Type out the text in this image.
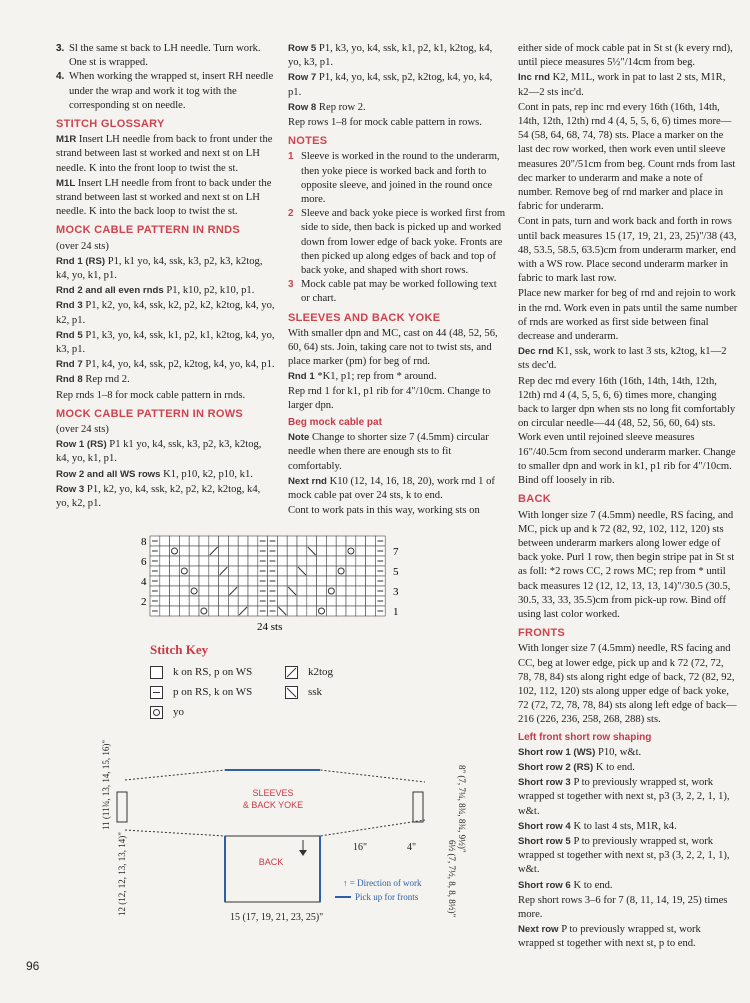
3. Sl the same st back to LH needle. Turn work. One st is wrapped.
4. When working the wrapped st, insert RH needle under the wrap and work it tog with the corresponding st on needle.
STITCH GLOSSARY

M1R Insert LH needle from back to front under the strand between last st worked and next st on LH needle. K into the front loop to twist the st.

M1L Insert LH needle from front to back under the strand between last st worked and next st on LH needle. K into the back loop to twist the st.

MOCK CABLE PATTERN IN RNDS

(over 24 sts)

Rnd 1 (RS) P1, k1 yo, k4, ssk, k3, p2, k3, k2tog, k4, yo, k1, p1.

Rnd 2 and all even rnds P1, k10, p2, k10, p1.

Rnd 3 P1, k2, yo, k4, ssk, k2, p2, k2, k2tog, k4, yo, k2, p1.

Rnd 5 P1, k3, yo, k4, ssk, k1, p2, k1, k2tog, k4, yo, k3, p1.

Rnd 7 P1, k4, yo, k4, ssk, p2, k2tog, k4, yo, k4, p1.

Rnd 8 Rep rnd 2.

Rep rnds 1–8 for mock cable pattern in rnds.

MOCK CABLE PATTERN IN ROWS

(over 24 sts)

Row 1 (RS) P1 k1 yo, k4, ssk, k3, p2, k3, k2tog, k4, yo, k1, p1.

Row 2 and all WS rows K1, p10, k2, p10, k1.

Row 3 P1, k2, yo, k4, ssk, k2, p2, k2, k2tog, k4, yo, k2, p1.

Row 5 P1, k3, yo, k4, ssk, k1, p2, k1, k2tog, k4, yo, k3, p1.

Row 7 P1, k4, yo, k4, ssk, p2, k2tog, k4, yo, k4, p1.

Row 8 Rep row 2.

Rep rows 1–8 for mock cable pattern in rows.

NOTES
1 Sleeve is worked in the round to the underarm, then yoke piece is worked back and forth to opposite sleeve, and joined in the round once more.
2 Sleeve and back yoke piece is worked first from side to side, then back is picked up and worked down from lower edge of back yoke. Fronts are then picked up along edges of back and top of back yoke, and shaped with short rows.
3 Mock cable pat may be worked following text or chart.
SLEEVES AND BACK YOKE

With smaller dpn and MC, cast on 44 (48, 52, 56, 60, 64) sts. Join, taking care not to twist sts, and place marker (pm) for beg of rnd.

Rnd 1 *K1, p1; rep from * around.
Rep rnd 1 for k1, p1 rib for 4"/10cm. Change to larger dpn.

Beg mock cable pat

Note Change to shorter size 7 (4.5mm) circular needle when there are enough sts to fit comfortably.

Next rnd K10 (12, 14, 16, 18, 20), work rnd 1 of mock cable pat over 24 sts, k to end.

Cont to work pats in this way, working sts on

either side of mock cable pat in St st (k every rnd), until piece measures 5½"/14cm from beg.

Inc rnd K2, M1L, work in pat to last 2 sts, M1R, k2—2 sts inc'd.

Cont in pats, rep inc rnd every 16th (16th, 14th, 14th, 12th, 12th) rnd 4 (4, 5, 5, 6, 6) times more—54 (58, 64, 68, 74, 78) sts. Place a marker on the last dec row worked, then work even until sleeve measures 20"/51cm from beg. Count rnds from last dec marker to underarm and make a note of number. Remove beg of rnd marker and place in fabric for underarm.

Cont in pats, turn and work back and forth in rows until back measures 15 (17, 19, 21, 23, 25)"/38 (43, 48, 53.5, 58.5, 63.5)cm from underarm marker, end with a WS row. Place second underarm marker in fabric to mark last row.

Place new marker for beg of rnd and rejoin to work in the rnd. Work even in pats until the same number of rnds are worked as first side between final decrease and underarm.

Dec rnd K1, ssk, work to last 3 sts, k2tog, k1—2 sts dec'd.

Rep dec rnd every 16th (16th, 14th, 14th, 12th, 12th) rnd 4 (4, 5, 5, 6, 6) times more, changing back to larger dpn when sts no long fit comfortably on circular needle—44 (48, 52, 56, 60, 64) sts. Work even until rejoined sleeve measures 16"/40.5cm from second underarm marker. Change to smaller dpn and work in k1, p1 rib for 4"/10cm. Bind off loosely in rib.

BACK

With longer size 7 (4.5mm) needle, RS facing, and MC, pick up and k 72 (82, 92, 102, 112, 120) sts between underarm markers along lower edge of back yoke. Purl 1 row, then begin stripe pat in St st as foll: *2 rows CC, 2 rows MC; rep from * until back measures 12 (12, 12, 13, 13, 14)"/30.5 (30.5, 30.5, 33, 33, 35.5)cm from pick-up row. Bind off using last color worked.

FRONTS

With longer size 7 (4.5mm) needle, RS facing and CC, beg at lower edge, pick up and k 72 (72, 72, 78, 78, 84) sts along right edge of back, 72 (82, 92, 102, 112, 120) sts along upper edge of back yoke, 72 (72, 72, 78, 78, 84) sts along left edge of back—216 (226, 236, 258, 268, 288) sts.

Left front short row shaping

Short row 1 (WS) P10, w&t.

Short row 2 (RS) K to end.

Short row 3 P to previously wrapped st, work wrapped st together with next st, p3 (3, 2, 2, 1, 1), w&t.

Short row 4 K to last 4 sts, M1R, k4.

Short row 5 P to previously wrapped st, work wrapped st together with next st, p3 (3, 2, 2, 1, 1), w&t.

Short row 6 K to end.

Rep short rows 3–6 for 7 (8, 11, 14, 19, 25) times more.

Next row P to previously wrapped st, work wrapped st together with next st, p to end.

8
6
4
2
7
5
3
1
24 sts
Stitch Key
k on RS, p on WS
p on RS, k on WS
yo
k2tog
ssk
SLEEVES
& BACK YOKE
BACK
11 (11¾, 13, 14, 15, 16)"
12 (12, 12, 13, 13, 14)"
8" (7, 7¼, 8¾, 8¾, 9½)"
6½ (7, 7½, 8, 8, 8½)"
16"	4"
15 (17, 19, 21, 23, 25)"
↑ = Direction of work
Pick up for fronts
96
